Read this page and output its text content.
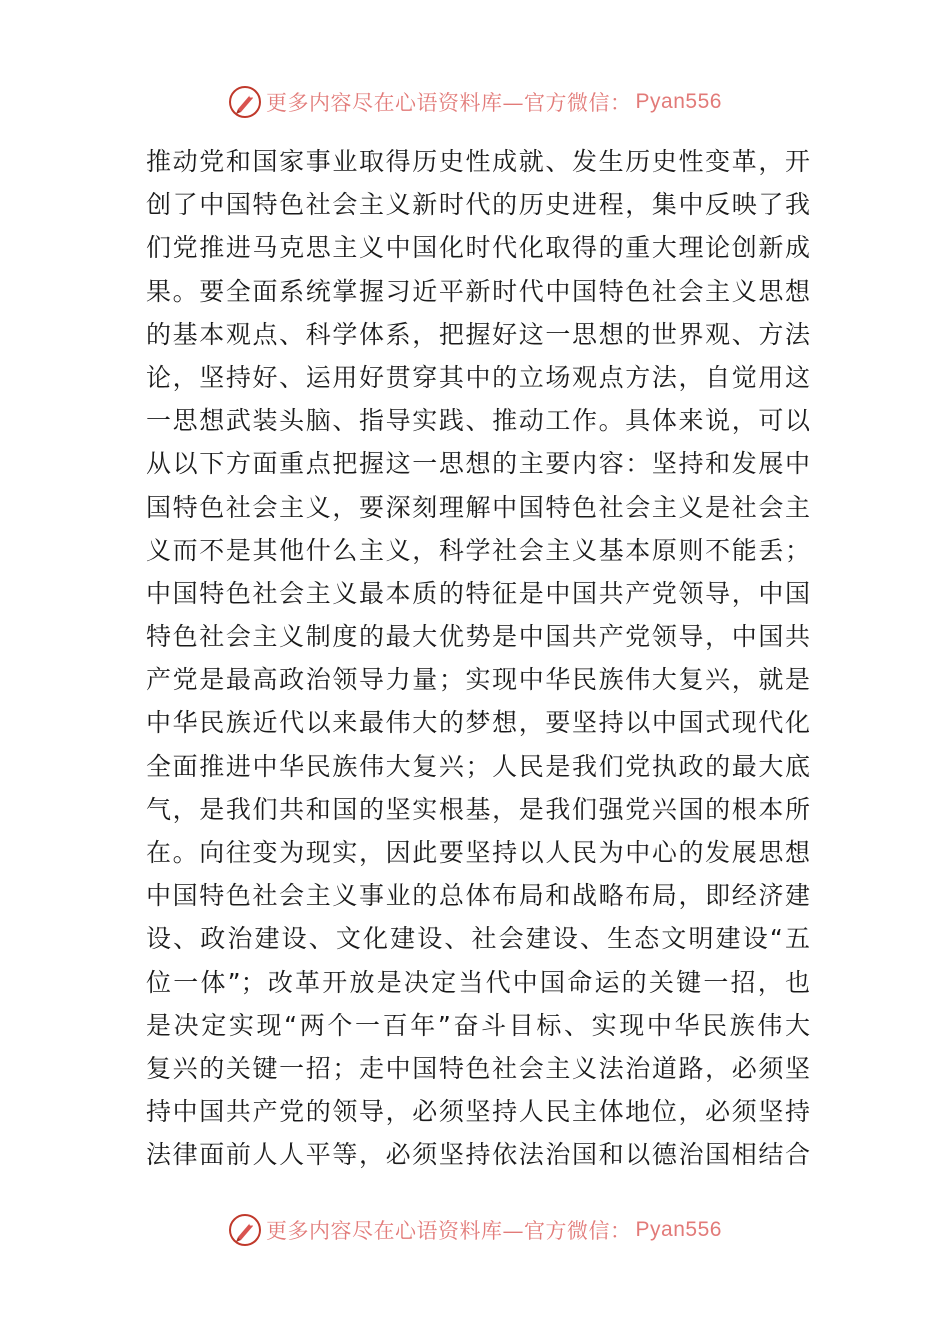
更多内容尽在心语资料库—官方微信： Pyan556
推动党和国家事业取得历史性成就、发生历史性变革，开
创了中国特色社会主义新时代的历史进程，集中反映了我
们党推进马克思主义中国化时代化取得的重大理论创新成
果。要全面系统掌握习近平新时代中国特色社会主义思想
的基本观点、科学体系，把握好这一思想的世界观、方法
论，坚持好、运用好贯穿其中的立场观点方法，自觉用这
一思想武装头脑、指导实践、推动工作。具体来说，可以
从以下方面重点把握这一思想的主要内容：坚持和发展中
国特色社会主义，要深刻理解中国特色社会主义是社会主
义而不是其他什么主义，科学社会主义基本原则不能丢；
中国特色社会主义最本质的特征是中国共产党领导，中国
特色社会主义制度的最大优势是中国共产党领导，中国共
产党是最高政治领导力量；实现中华民族伟大复兴，就是
中华民族近代以来最伟大的梦想，要坚持以中国式现代化
全面推进中华民族伟大复兴；人民是我们党执政的最大底
气，是我们共和国的坚实根基，是我们强党兴国的根本所
在。向往变为现实，因此要坚持以人民为中心的发展思想
中国特色社会主义事业的总体布局和战略布局，即经济建
设、政治建设、文化建设、社会建设、生态文明建设“五
位一体”；改革开放是决定当代中国命运的关键一招，也
是决定实现“两个一百年”奋斗目标、实现中华民族伟大
复兴的关键一招；走中国特色社会主义法治道路，必须坚
持中国共产党的领导，必须坚持人民主体地位，必须坚持
法律面前人人平等，必须坚持依法治国和以德治国相结合
更多内容尽在心语资料库—官方微信： Pyan556
